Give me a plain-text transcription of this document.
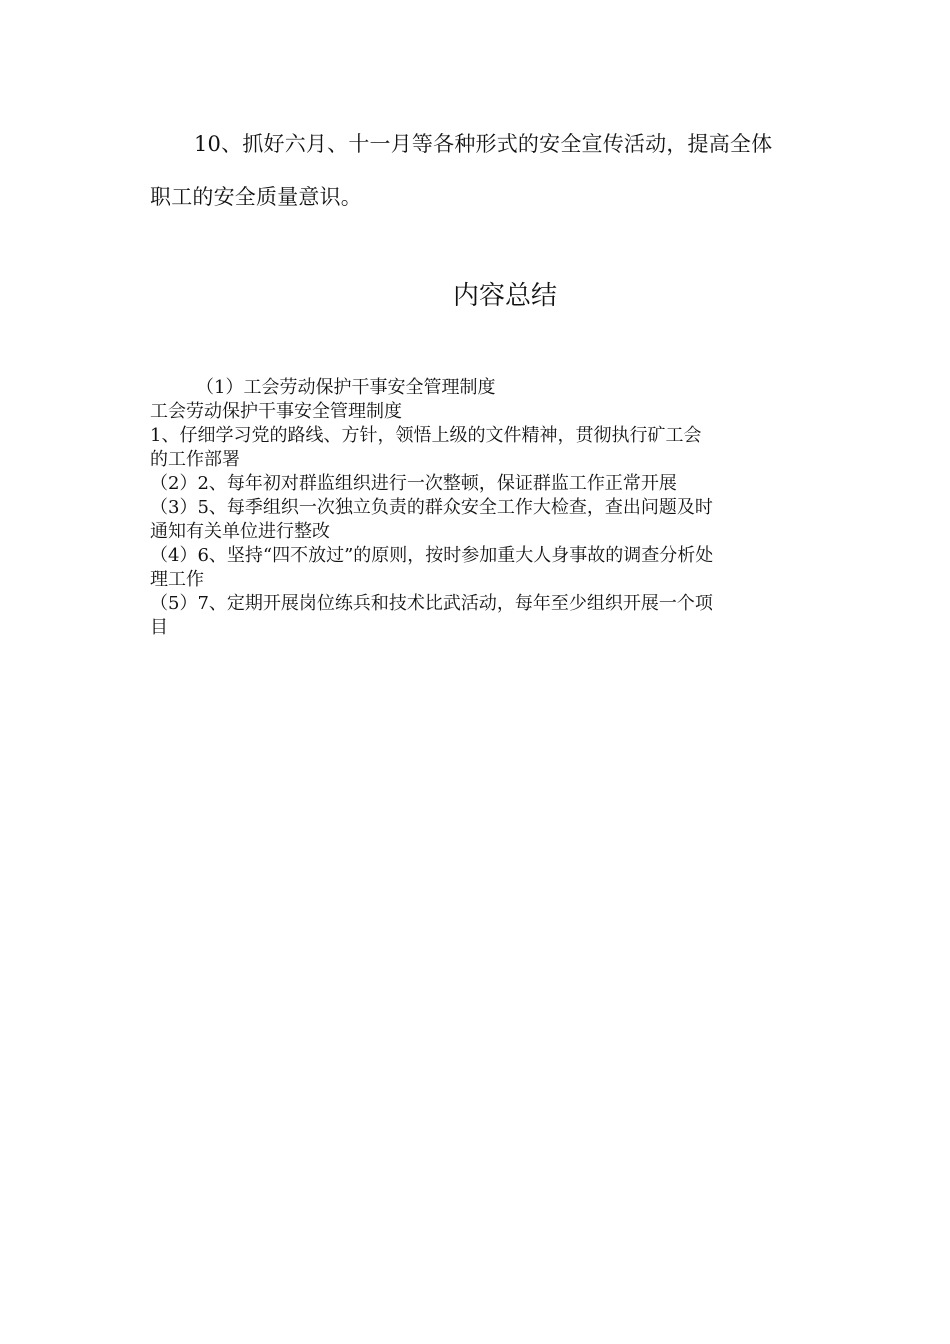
10、抓好六月、十一月等各种形式的安全宣传活动，提高全体
职工的安全质量意识。
内容总结

（1）工会劳动保护干事安全管理制度

工会劳动保护干事安全管理制度

1、仔细学习党的路线、方针，领悟上级的文件精神，贯彻执行矿工会

的工作部署

（2）2、每年初对群监组织进行一次整顿，保证群监工作正常开展

（3）5、每季组织一次独立负责的群众安全工作大检查，查出问题及时

通知有关单位进行整改

（4）6、坚持“四不放过”的原则，按时参加重大人身事故的调查分析处

理工作

（5）7、定期开展岗位练兵和技术比武活动，每年至少组织开展一个项

目
